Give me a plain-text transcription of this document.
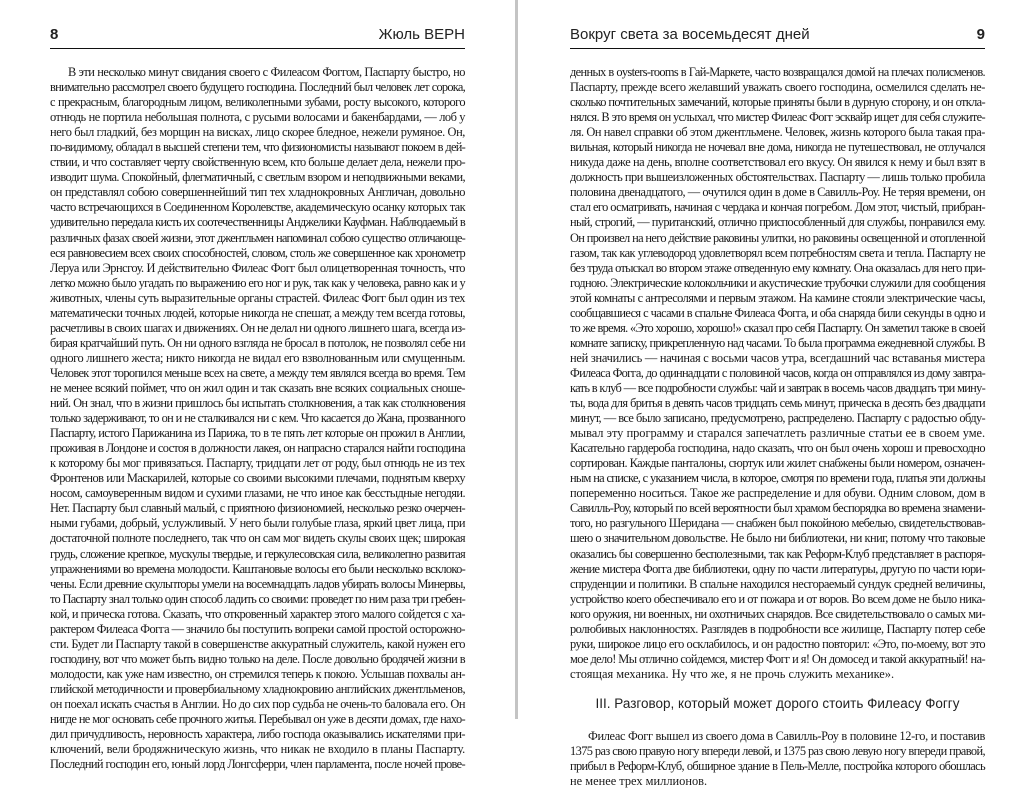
8	Жюль ВЕРН
В эти несколько минут свидания своего с Филеасом Фоггом, Паспарту быстро, но
внимательно рассмотрел своего будущего господина. Последний был человек лет сорока,
с прекрасным, благородным лицом, великолепными зубами, росту высокого, которого
отнюдь не портила небольшая полнота, с русыми волосами и бакенбардами, — лоб у
него был гладкий, без морщин на висках, лицо скорее бледное, нежели румяное. Он,
по-видимому, обладал в высшей степени тем, что физиономисты называют покоем в дей-
ствии, и что составляет черту свойственную всем, кто больше делает дела, нежели про-
изводит шума. Спокойный, флегматичный, с светлым взором и неподвижными веками,
он представлял собою совершеннейший тип тех хладнокровных Англичан, довольно
часто встречающихся в Соединенном Королевстве, академическую осанку которых так
удивительно передала кисть их соотечественницы Анджелики Кауфман. Наблюдаемый в
различных фазах своей жизни, этот джентльмен напоминал собою существо отличающе-
еся равновесием всех своих способностей, словом, столь же совершенное как хронометр
Леруа или Эрнсгоу. И действительно Филеас Фогг был олицетворенная точность, что
легко можно было угадать по выражению его ног и рук, так как у человека, равно как и у
животных, члены суть выразительные органы страстей. Филеас Фогг был один из тех
математически точных людей, которые никогда не спешат, а между тем всегда готовы,
расчетливы в своих шагах и движениях. Он не делал ни одного лишнего шага, всегда из-
бирая кратчайший путь. Он ни одного взгляда не бросал в потолок, не позволял себе ни
одного лишнего жеста; никто никогда не видал его взволнованным или смущенным.
Человек этот торопился меньше всех на свете, а между тем являлся всегда во время. Тем
не менее всякий поймет, что он жил один и так сказать вне всяких социальных сноше-
ний. Он знал, что в жизни пришлось бы испытать столкновения, а так как столкновения
только задерживают, то он и не сталкивался ни с кем. Что касается до Жана, прозванного
Паспарту, истого Парижанина из Парижа, то в те пять лет которые он прожил в Англии,
проживая в Лондоне и состоя в должности лакея, он напрасно старался найти господина
к которому бы мог привязаться. Паспарту, тридцати лет от роду, был отнюдь не из тех
Фронтенов или Маскарилей, которые со своими высокими плечами, поднятым кверху
носом, самоуверенным видом и сухими глазами, не что иное как бесстыдные негодяи.
Нет. Паспарту был славный малый, с приятною физиономией, несколько резко очерчен-
ными губами, добрый, услужливый. У него были голубые глаза, яркий цвет лица, при
достаточной полноте последнего, так что он сам мог видеть скулы своих щек; широкая
грудь, сложение крепкое, мускулы твердые, и геркулесовская сила, великолепно развитая
упражнениями во времена молодости. Каштановые волосы его были несколько всклоко-
чены. Если древние скульпторы умели на восемнадцать ладов убирать волосы Минервы,
то Паспарту знал только один способ ладить со своими: проведет по ним раза три гребен-
кой, и прическа готова. Сказать, что откровенный характер этого малого сойдется с ха-
рактером Филеаса Фогга — значило бы поступить вопреки самой простой осторожно-
сти. Будет ли Паспарту такой в совершенстве аккуратный служитель, какой нужен его
господину, вот что может быть видно только на деле. После довольно бродячей жизни в
молодости, как уже нам известно, он стремился теперь к покою. Услышав похвалы ан-
глийской методичности и провербиальному хладнокровию английских джентльменов,
он поехал искать счастья в Англии. Но до сих пор судьба не очень-то баловала его. Он
нигде не мог основать себе прочного житья. Перебывал он уже в десяти домах, где нахо-
дил причудливость, неровность характера, либо господа оказывались искателями при-
ключений, вели бродяжническую жизнь, что никак не входило в планы Паспарту.
Последний господин его, юный лорд Лонгсферри, член парламента, после ночей прове-
Вокруг света за восемьдесят дней	9
денных в oysters-rooms в Гай-Маркете, часто возвращался домой на плечах полисменов.
Паспарту, прежде всего желавший уважать своего господина, осмелился сделать не-
сколько почтительных замечаний, которые приняты были в дурную сторону, и он откла-
нялся. В это время он услыхал, что мистер Филеас Фогг эсквайр ищет для себя служите-
ля. Он навел справки об этом джентльмене. Человек, жизнь которого была такая пра-
вильная, который никогда не ночевал вне дома, никогда не путешествовал, не отлучался
никуда даже на день, вполне соответствовал его вкусу. Он явился к нему и был взят в
должность при вышеизложенных обстоятельствах. Паспарту — лишь только пробила
половина двенадцатого, — очутился один в доме в Савилль-Роу. Не теряя времени, он
стал его осматривать, начиная с чердака и кончая погребом. Дом этот, чистый, прибран-
ный, строгий, — пуританский, отлично приспособленный для службы, понравился ему.
Он произвел на него действие раковины улитки, но раковины освещенной и отопленной
газом, так как углеводород удовлетворял всем потребностям света и тепла. Паспарту не
без труда отыскал во втором этаже отведенную ему комнату. Она оказалась для него при-
годною. Электрические колокольчики и акустические трубочки служили для сообщения
этой комнаты с антресолями и первым этажом. На камине стояли электрические часы,
сообщавшиеся с часами в спальне Филеаса Фогга, и оба снаряда били секунды в одно и
то же время. «Это хорошо, хорошо!» сказал про себя Паспарту. Он заметил также в своей
комнате записку, прикрепленную над часами. То была программа ежедневной службы. В
ней значились — начиная с восьми часов утра, всегдашний час вставанья мистера
Филеаса Фогга, до одиннадцати с половиной часов, когда он отправлялся из дому завтра-
кать в клуб — все подробности службы: чай и завтрак в восемь часов двадцать три мину-
ты, вода для бритья в девять часов тридцать семь минут, прическа в десять без двадцати
минут, — все было записано, предусмотрено, распределено. Паспарту с радостью обду-
мывал эту программу и старался запечатлеть различные статьи ее в своем уме.
Касательно гардероба господина, надо сказать, что он был очень хорош и превосходно
сортирован. Каждые панталоны, сюртук или жилет снабжены были номером, означен-
ным на списке, с указанием числа, в которое, смотря по времени года, платья эти должны
попеременно носиться. Такое же распределение и для обуви. Одним словом, дом в
Савилль-Роу, который по всей вероятности был храмом беспорядка во времена знамени-
того, но разгульного Шеридана — снабжен был покойною мебелью, свидетельствовав-
шею о значительном довольстве. Не было ни библиотеки, ни книг, потому что таковые
оказались бы совершенно бесполезными, так как Реформ-Клуб представляет в распоря-
жение мистера Фогга две библиотеки, одну по части литературы, другую по части юри-
спруденции и политики. В спальне находился несгораемый сундук средней величины,
устройство коего обеспечивало его и от пожара и от воров. Во всем доме не было ника-
кого оружия, ни военных, ни охотничьих снарядов. Все свидетельствовало о самых ми-
ролюбивых наклонностях. Разглядев в подробности все жилище, Паспарту потер себе
руки, широкое лицо его осклабилось, и он радостно повторил: «Это, по-моему, вот это
мое дело! Мы отлично сойдемся, мистер Фогг и я! Он домосед и такой аккуратный! на-
стоящая механика. Ну что же, я не прочь служить механике».
III. Разговор, который может дорого стоить Филеасу Фоггу
Филеас Фогг вышел из своего дома в Савилль-Роу в половине 12-го, и поставив
1375 раз свою правую ногу впереди левой, и 1375 раз свою левую ногу впереди правой,
прибыл в Реформ-Клуб, обширное здание в Пель-Мелле, постройка которого обошлась
не менее трех миллионов.
